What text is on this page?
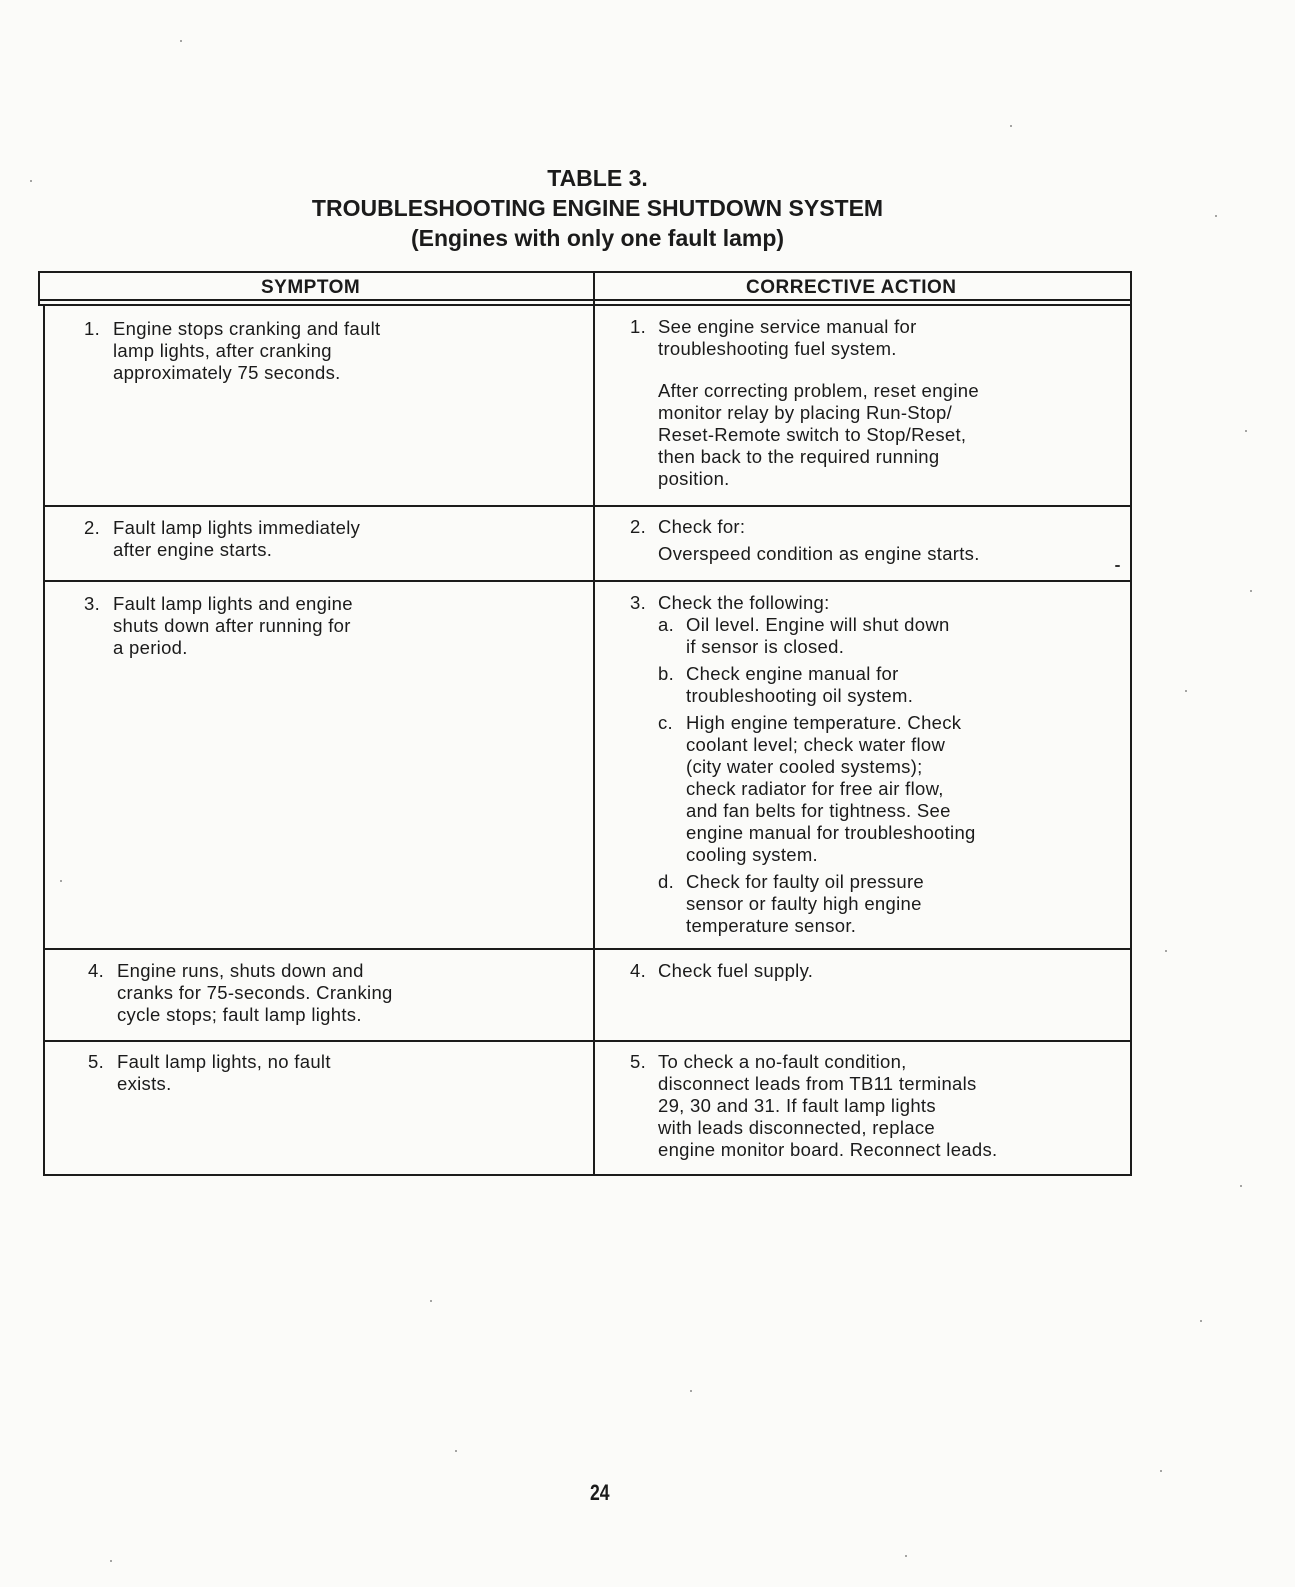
TABLE 3.
TROUBLESHOOTING ENGINE SHUTDOWN SYSTEM
(Engines with only one fault lamp)
SYMPTOM	CORRECTIVE ACTION
1. Engine stops cranking and fault
lamp lights, after cranking
approximately 75 seconds.
1. See engine service manual for
troubleshooting fuel system.
After correcting problem, reset engine
monitor relay by placing Run-Stop/
Reset-Remote switch to Stop/Reset,
then back to the required running
position.
2. Fault lamp lights immediately
after engine starts.
2. Check for:
Overspeed condition as engine starts.
3. Fault lamp lights and engine
shuts down after running for
a period.
3. Check the following:
a. Oil level. Engine will shut down
if sensor is closed.
b. Check engine manual for
troubleshooting oil system.
c. High engine temperature. Check
coolant level; check water flow
(city water cooled systems);
check radiator for free air flow,
and fan belts for tightness. See
engine manual for troubleshooting
cooling system.
d. Check for faulty oil pressure
sensor or faulty high engine
temperature sensor.
4. Engine runs, shuts down and
cranks for 75-seconds. Cranking
cycle stops; fault lamp lights.
4. Check fuel supply.
5. Fault lamp lights, no fault
exists.
5. To check a no-fault condition,
disconnect leads from TB11 terminals
29, 30 and 31. If fault lamp lights
with leads disconnected, replace
engine monitor board. Reconnect leads.
24
